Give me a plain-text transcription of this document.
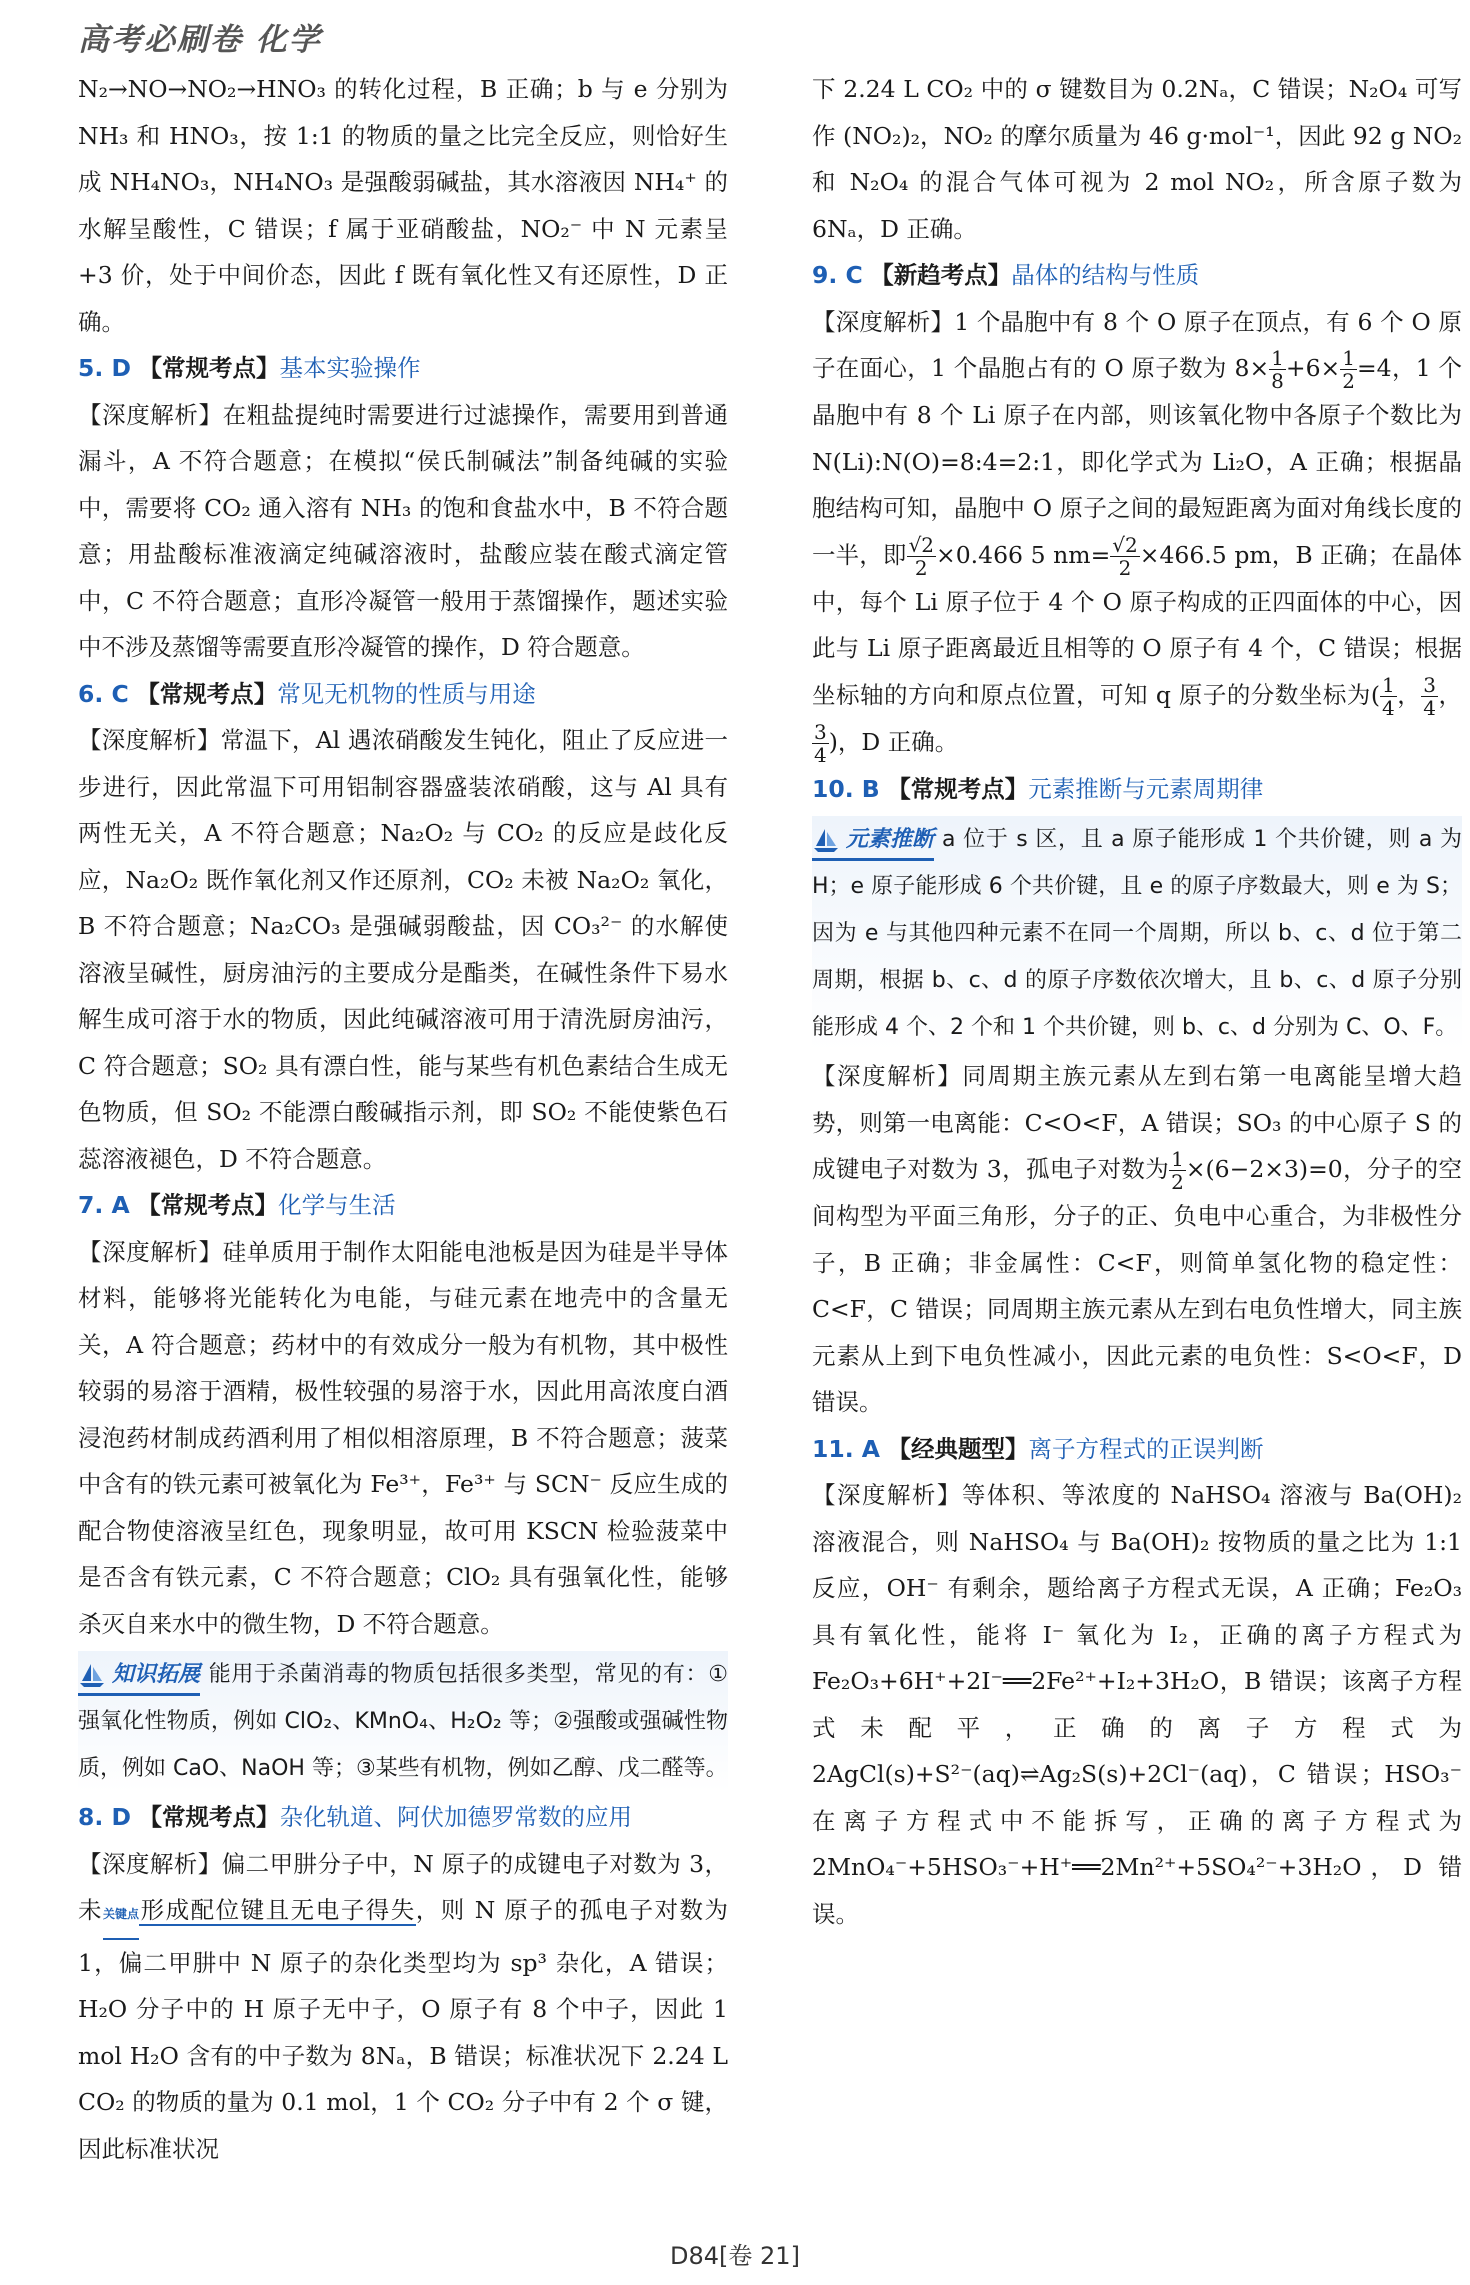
高考必刷卷 化学

N₂→NO→NO₂→HNO₃ 的转化过程，B 正确；b 与 e 分别为 NH₃ 和 HNO₃，按 1:1 的物质的量之比完全反应，则恰好生成 NH₄NO₃，NH₄NO₃ 是强酸弱碱盐，其水溶液因 NH₄⁺ 的水解呈酸性，C 错误；f 属于亚硝酸盐，NO₂⁻ 中 N 元素呈+3 价，处于中间价态，因此 f 既有氧化性又有还原性，D 正确。

5. D 【常规考点】基本实验操作

【深度解析】在粗盐提纯时需要进行过滤操作，需要用到普通漏斗，A 不符合题意；在模拟“侯氏制碱法”制备纯碱的实验中，需要将 CO₂ 通入溶有 NH₃ 的饱和食盐水中，B 不符合题意；用盐酸标准液滴定纯碱溶液时，盐酸应装在酸式滴定管中，C 不符合题意；直形冷凝管一般用于蒸馏操作，题述实验中不涉及蒸馏等需要直形冷凝管的操作，D 符合题意。

6. C 【常规考点】常见无机物的性质与用途

【深度解析】常温下，Al 遇浓硝酸发生钝化，阻止了反应进一步进行，因此常温下可用铝制容器盛装浓硝酸，这与 Al 具有两性无关，A 不符合题意；Na₂O₂ 与 CO₂ 的反应是歧化反应，Na₂O₂ 既作氧化剂又作还原剂，CO₂ 未被 Na₂O₂ 氧化，B 不符合题意；Na₂CO₃ 是强碱弱酸盐，因 CO₃²⁻ 的水解使溶液呈碱性，厨房油污的主要成分是酯类，在碱性条件下易水解生成可溶于水的物质，因此纯碱溶液可用于清洗厨房油污，C 符合题意；SO₂ 具有漂白性，能与某些有机色素结合生成无色物质，但 SO₂ 不能漂白酸碱指示剂，即 SO₂ 不能使紫色石蕊溶液褪色，D 不符合题意。

7. A 【常规考点】化学与生活

【深度解析】硅单质用于制作太阳能电池板是因为硅是半导体材料，能够将光能转化为电能，与硅元素在地壳中的含量无关，A 符合题意；药材中的有效成分一般为有机物，其中极性较弱的易溶于酒精，极性较强的易溶于水，因此用高浓度白酒浸泡药材制成药酒利用了相似相溶原理，B 不符合题意；菠菜中含有的铁元素可被氧化为 Fe³⁺，Fe³⁺ 与 SCN⁻ 反应生成的配合物使溶液呈红色，现象明显，故可用 KSCN 检验菠菜中是否含有铁元素，C 不符合题意；ClO₂ 具有强氧化性，能够杀灭自来水中的微生物，D 不符合题意。

知识拓展 能用于杀菌消毒的物质包括很多类型，常见的有：①强氧化性物质，例如 ClO₂、KMnO₄、H₂O₂ 等；②强酸或强碱性物质，例如 CaO、NaOH 等；③某些有机物，例如乙醇、戊二醛等。

8. D 【常规考点】杂化轨道、阿伏加德罗常数的应用

【深度解析】偏二甲肼分子中，N 原子的成键电子对数为 3，未关键点形成配位键且无电子得失，则 N 原子的孤电子对数为 1，偏二甲肼中 N 原子的杂化类型均为 sp³ 杂化，A 错误；H₂O 分子中的 H 原子无中子，O 原子有 8 个中子，因此 1 mol H₂O 含有的中子数为 8Nₐ，B 错误；标准状况下 2.24 L CO₂ 的物质的量为 0.1 mol，1 个 CO₂ 分子中有 2 个 σ 键，因此标准状况

下 2.24 L CO₂ 中的 σ 键数目为 0.2Nₐ，C 错误；N₂O₄ 可写作 (NO₂)₂，NO₂ 的摩尔质量为 46 g·mol⁻¹，因此 92 g NO₂ 和 N₂O₄ 的混合气体可视为 2 mol NO₂，所含原子数为 6Nₐ，D 正确。

9. C 【新趋考点】晶体的结构与性质

【深度解析】1 个晶胞中有 8 个 O 原子在顶点，有 6 个 O 原子在面心，1 个晶胞占有的 O 原子数为 $8\times \frac{1}{8} +6\times \frac{1}{2} =4$，1 个晶胞中有 8 个 Li 原子在内部，则该氧化物中各原子个数比为 N(Li):N(O)=8:4=2:1，即化学式为 Li₂O，A 正确；根据晶胞结构可知，晶胞中 O 原子之间的最短距离为面对角线长度的一半，即 $\frac{√2}{2} \times 0.466$ 5 $nm= \frac{√2}{2} \times 466.5$ pm，B 正确；在晶体中，每个 Li 原子位于 4 个 O 原子构成的正四面体的中心，因此与 Li 原子距离最近且相等的 O 原子有 4 个，C 错误；根据坐标轴的方向和原点位置，可知 q 原子的分数坐标为( $\frac{1}{4}$ ， $\frac{3}{4}$ ，
$\frac{3}{4}$ )，D 正确。

10. B 【常规考点】元素推断与元素周期律

元素推断 a 位于 s 区，且 a 原子能形成 1 个共价键，则 a 为 H；e 原子能形成 6 个共价键，且 e 的原子序数最大，则 e 为 S；因为 e 与其他四种元素不在同一个周期，所以 b、c、d 位于第二周期，根据 b、c、d 的原子序数依次增大，且 b、c、d 原子分别能形成 4 个、2 个和 1 个共价键，则 b、c、d 分别为 C、O、F。

【深度解析】同周期主族元素从左到右第一电离能呈增大趋势，则第一电离能：C<O<F，A 错误；SO₃ 的中心原子 S 的成键电子对数为 3，孤电子对数为 $\frac{1}{2} \times(6-2\times 3)=0$，分子的空间构型为平面三角形，分子的正、负电中心重合，为非极性分子，B 正确；非金属性：C<F，则简单氢化物的稳定性：C<F，C 错误；同周期主族元素从左到右电负性增大，同主族元素从上到下电负性减小，因此元素的电负性：S<O<F，D 错误。

11. A 【经典题型】离子方程式的正误判断

【深度解析】等体积、等浓度的 NaHSO₄ 溶液与 Ba(OH)₂ 溶液混合，则 NaHSO₄ 与 Ba(OH)₂ 按物质的量之比为 1:1 反应，OH⁻ 有剩余，题给离子方程式无误，A 正确；Fe₂O₃ 具有氧化性，能将 I⁻ 氧化为 I₂，正确的离子方程式为 Fe₂O₃+6H⁺+2I⁻══2Fe²⁺+I₂+3H₂O，B 错误；该离子方程式未配平，正确的离子方程式为 2AgCl(s)+S²⁻(aq)⇌Ag₂S(s)+2Cl⁻(aq)，C 错误；HSO₃⁻ 在离子方程式中不能拆写，正确的离子方程式为 2MnO₄⁻+5HSO₃⁻+H⁺══2Mn²⁺+5SO₄²⁻+3H₂O，D 错误。

D84[卷 21]
